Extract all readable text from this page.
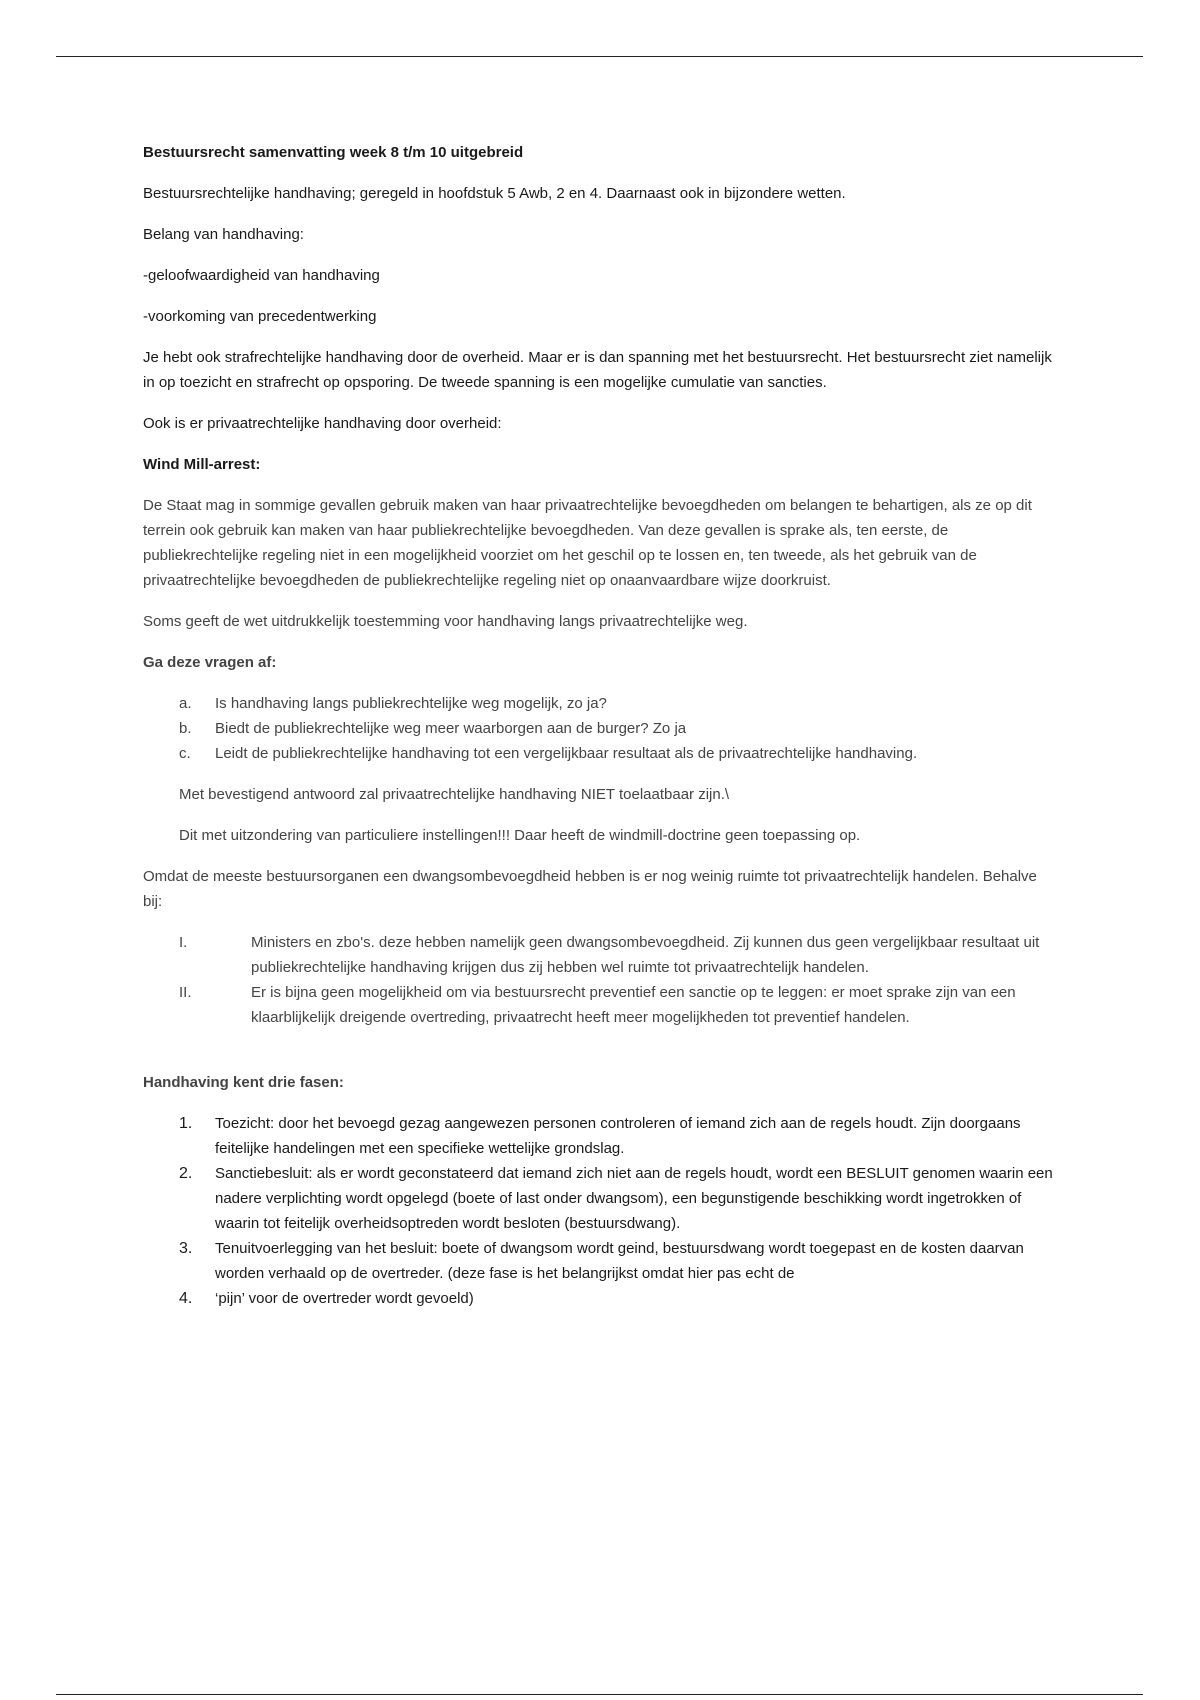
Bestuursrecht samenvatting week 8 t/m 10 uitgebreid

Bestuursrechtelijke handhaving; geregeld in hoofdstuk 5 Awb, 2 en 4. Daarnaast ook in bijzondere wetten.

Belang van handhaving:

-geloofwaardigheid van handhaving

-voorkoming van precedentwerking

Je hebt ook strafrechtelijke handhaving door de overheid. Maar er is dan spanning met het bestuursrecht. Het bestuursrecht ziet namelijk in op toezicht en strafrecht op opsporing. De tweede spanning is een mogelijke cumulatie van sancties.

Ook is er privaatrechtelijke handhaving door overheid:

Wind Mill-arrest:

De Staat mag in sommige gevallen gebruik maken van haar privaatrechtelijke bevoegdheden om belangen te behartigen, als ze op dit terrein ook gebruik kan maken van haar publiekrechtelijke bevoegdheden. Van deze gevallen is sprake als, ten eerste, de publiekrechtelijke regeling niet in een mogelijkheid voorziet om het geschil op te lossen en, ten tweede, als het gebruik van de privaatrechtelijke bevoegdheden de publiekrechtelijke regeling niet op onaanvaardbare wijze doorkruist.

Soms geeft de wet uitdrukkelijk toestemming voor handhaving langs privaatrechtelijke weg.

Ga deze vragen af:

a.	Is handhaving langs publiekrechtelijke weg mogelijk, zo ja?
b.	Biedt de publiekrechtelijke weg meer waarborgen aan de burger? Zo ja
c.	Leidt de publiekrechtelijke handhaving tot een vergelijkbaar resultaat als de privaatrechtelijke handhaving.

Met bevestigend antwoord zal privaatrechtelijke handhaving NIET toelaatbaar zijn.\

Dit met uitzondering van particuliere instellingen!!! Daar heeft de windmill-doctrine geen toepassing op.

Omdat de meeste bestuursorganen een dwangsombevoegdheid hebben is er nog weinig ruimte tot privaatrechtelijk handelen. Behalve bij:

I.	Ministers en zbo's. deze hebben namelijk geen dwangsombevoegdheid. Zij kunnen dus geen vergelijkbaar resultaat uit publiekrechtelijke handhaving krijgen dus zij hebben wel ruimte tot privaatrechtelijk handelen.
II.	Er is bijna geen mogelijkheid om via bestuursrecht preventief een sanctie op te leggen: er moet sprake zijn van een klaarblijkelijk dreigende overtreding, privaatrecht heeft meer mogelijkheden tot preventief handelen.

Handhaving kent drie fasen:

1.	Toezicht: door het bevoegd gezag aangewezen personen controleren of iemand zich aan de regels houdt. Zijn doorgaans feitelijke handelingen met een specifieke wettelijke grondslag.
2.	Sanctiebesluit: als er wordt geconstateerd dat iemand zich niet aan de regels houdt, wordt een BESLUIT genomen waarin een nadere verplichting wordt opgelegd (boete of last onder dwangsom), een begunstigende beschikking wordt ingetrokken of waarin tot feitelijk overheidsoptreden wordt besloten (bestuursdwang).
3.	Tenuitvoerlegging van het besluit: boete of dwangsom wordt geind, bestuursdwang wordt toegepast en de kosten daarvan worden verhaald op de overtreder. (deze fase is het belangrijkst omdat hier pas echt de
4.	‘pijn’ voor de overtreder wordt gevoeld)
